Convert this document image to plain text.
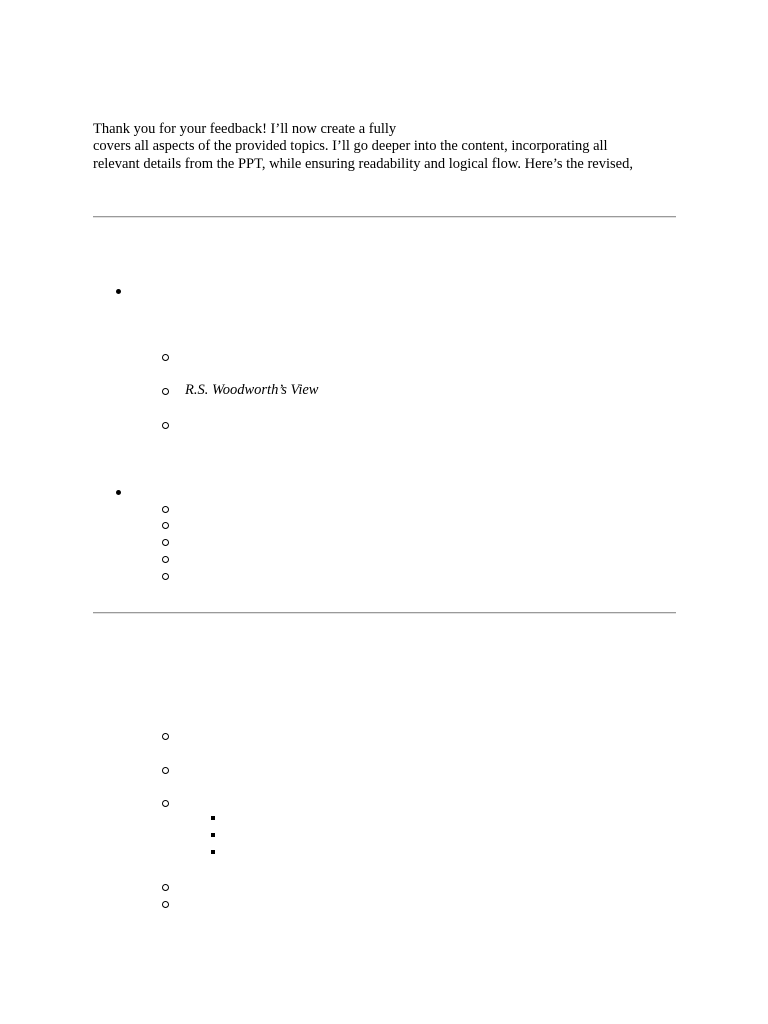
Thank you for your feedback! I’ll now create a fully
covers all aspects of the provided topics. I’ll go deeper into the content, incorporating all
relevant details from the PPT, while ensuring readability and logical flow. Here’s the revised,
R.S. Woodworth’s View
